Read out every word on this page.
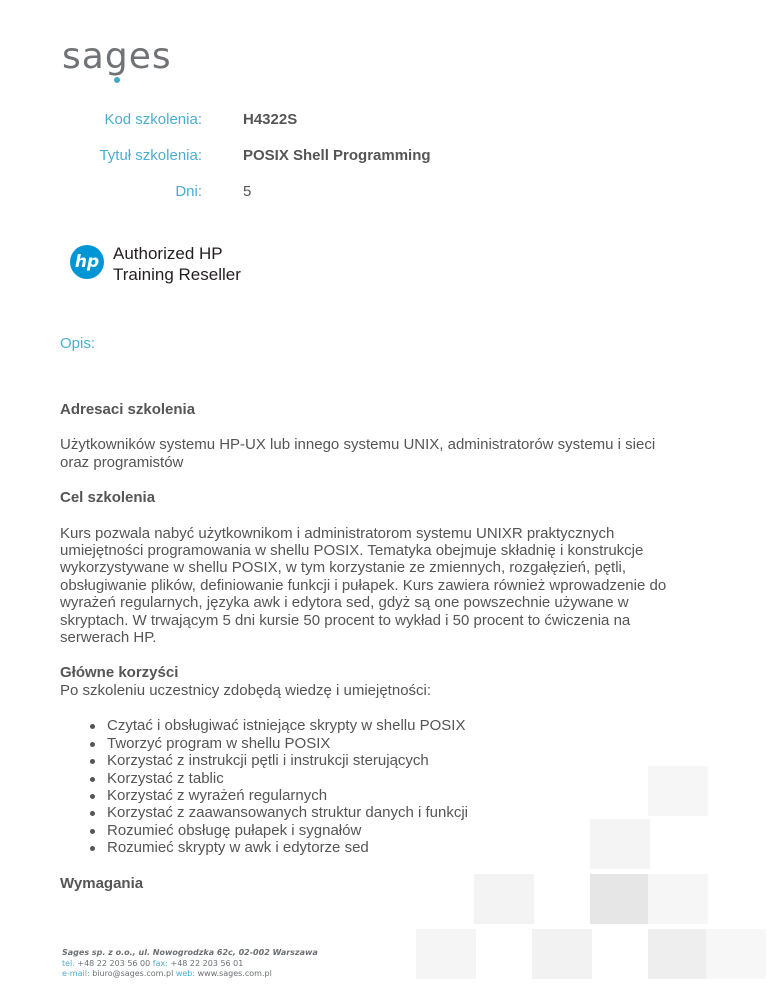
sages
Kod szkolenia:	H4322S
Tytuł szkolenia:	POSIX Shell Programming
Dni:	5
hp Authorized HP
Training Reseller
Opis:
Adresaci szkolenia

Użytkowników systemu HP-UX lub innego systemu UNIX, administratorów systemu i sieci oraz programistów

Cel szkolenia

Kurs pozwala nabyć użytkownikom i administratorom systemu UNIXR praktycznych umiejętności programowania w shellu POSIX. Tematyka obejmuje składnię i konstrukcje wykorzystywane w shellu POSIX, w tym korzystanie ze zmiennych, rozgałęzień, pętli, obsługiwanie plików, definiowanie funkcji i pułapek. Kurs zawiera również wprowadzenie do wyrażeń regularnych, języka awk i edytora sed, gdyż są one powszechnie używane w skryptach. W trwającym 5 dni kursie 50 procent to wykład i 50 procent to ćwiczenia na serwerach HP.

Główne korzyści

Po szkoleniu uczestnicy zdobędą wiedzę i umiejętności:

Czytać i obsługiwać istniejące skrypty w shellu POSIX
Tworzyć program w shellu POSIX
Korzystać z instrukcji pętli i instrukcji sterujących
Korzystać z tablic
Korzystać z wyrażeń regularnych
Korzystać z zaawansowanych struktur danych i funkcji
Rozumieć obsługę pułapek i sygnałów
Rozumieć skrypty w awk i edytorze sed
Wymagania
Sages sp. z o.o., ul. Nowogrodzka 62c, 02-002 Warszawa
tel. +48 22 203 56 00 fax: +48 22 203 56 01
e-mail: biuro@sages.com.pl web: www.sages.com.pl
